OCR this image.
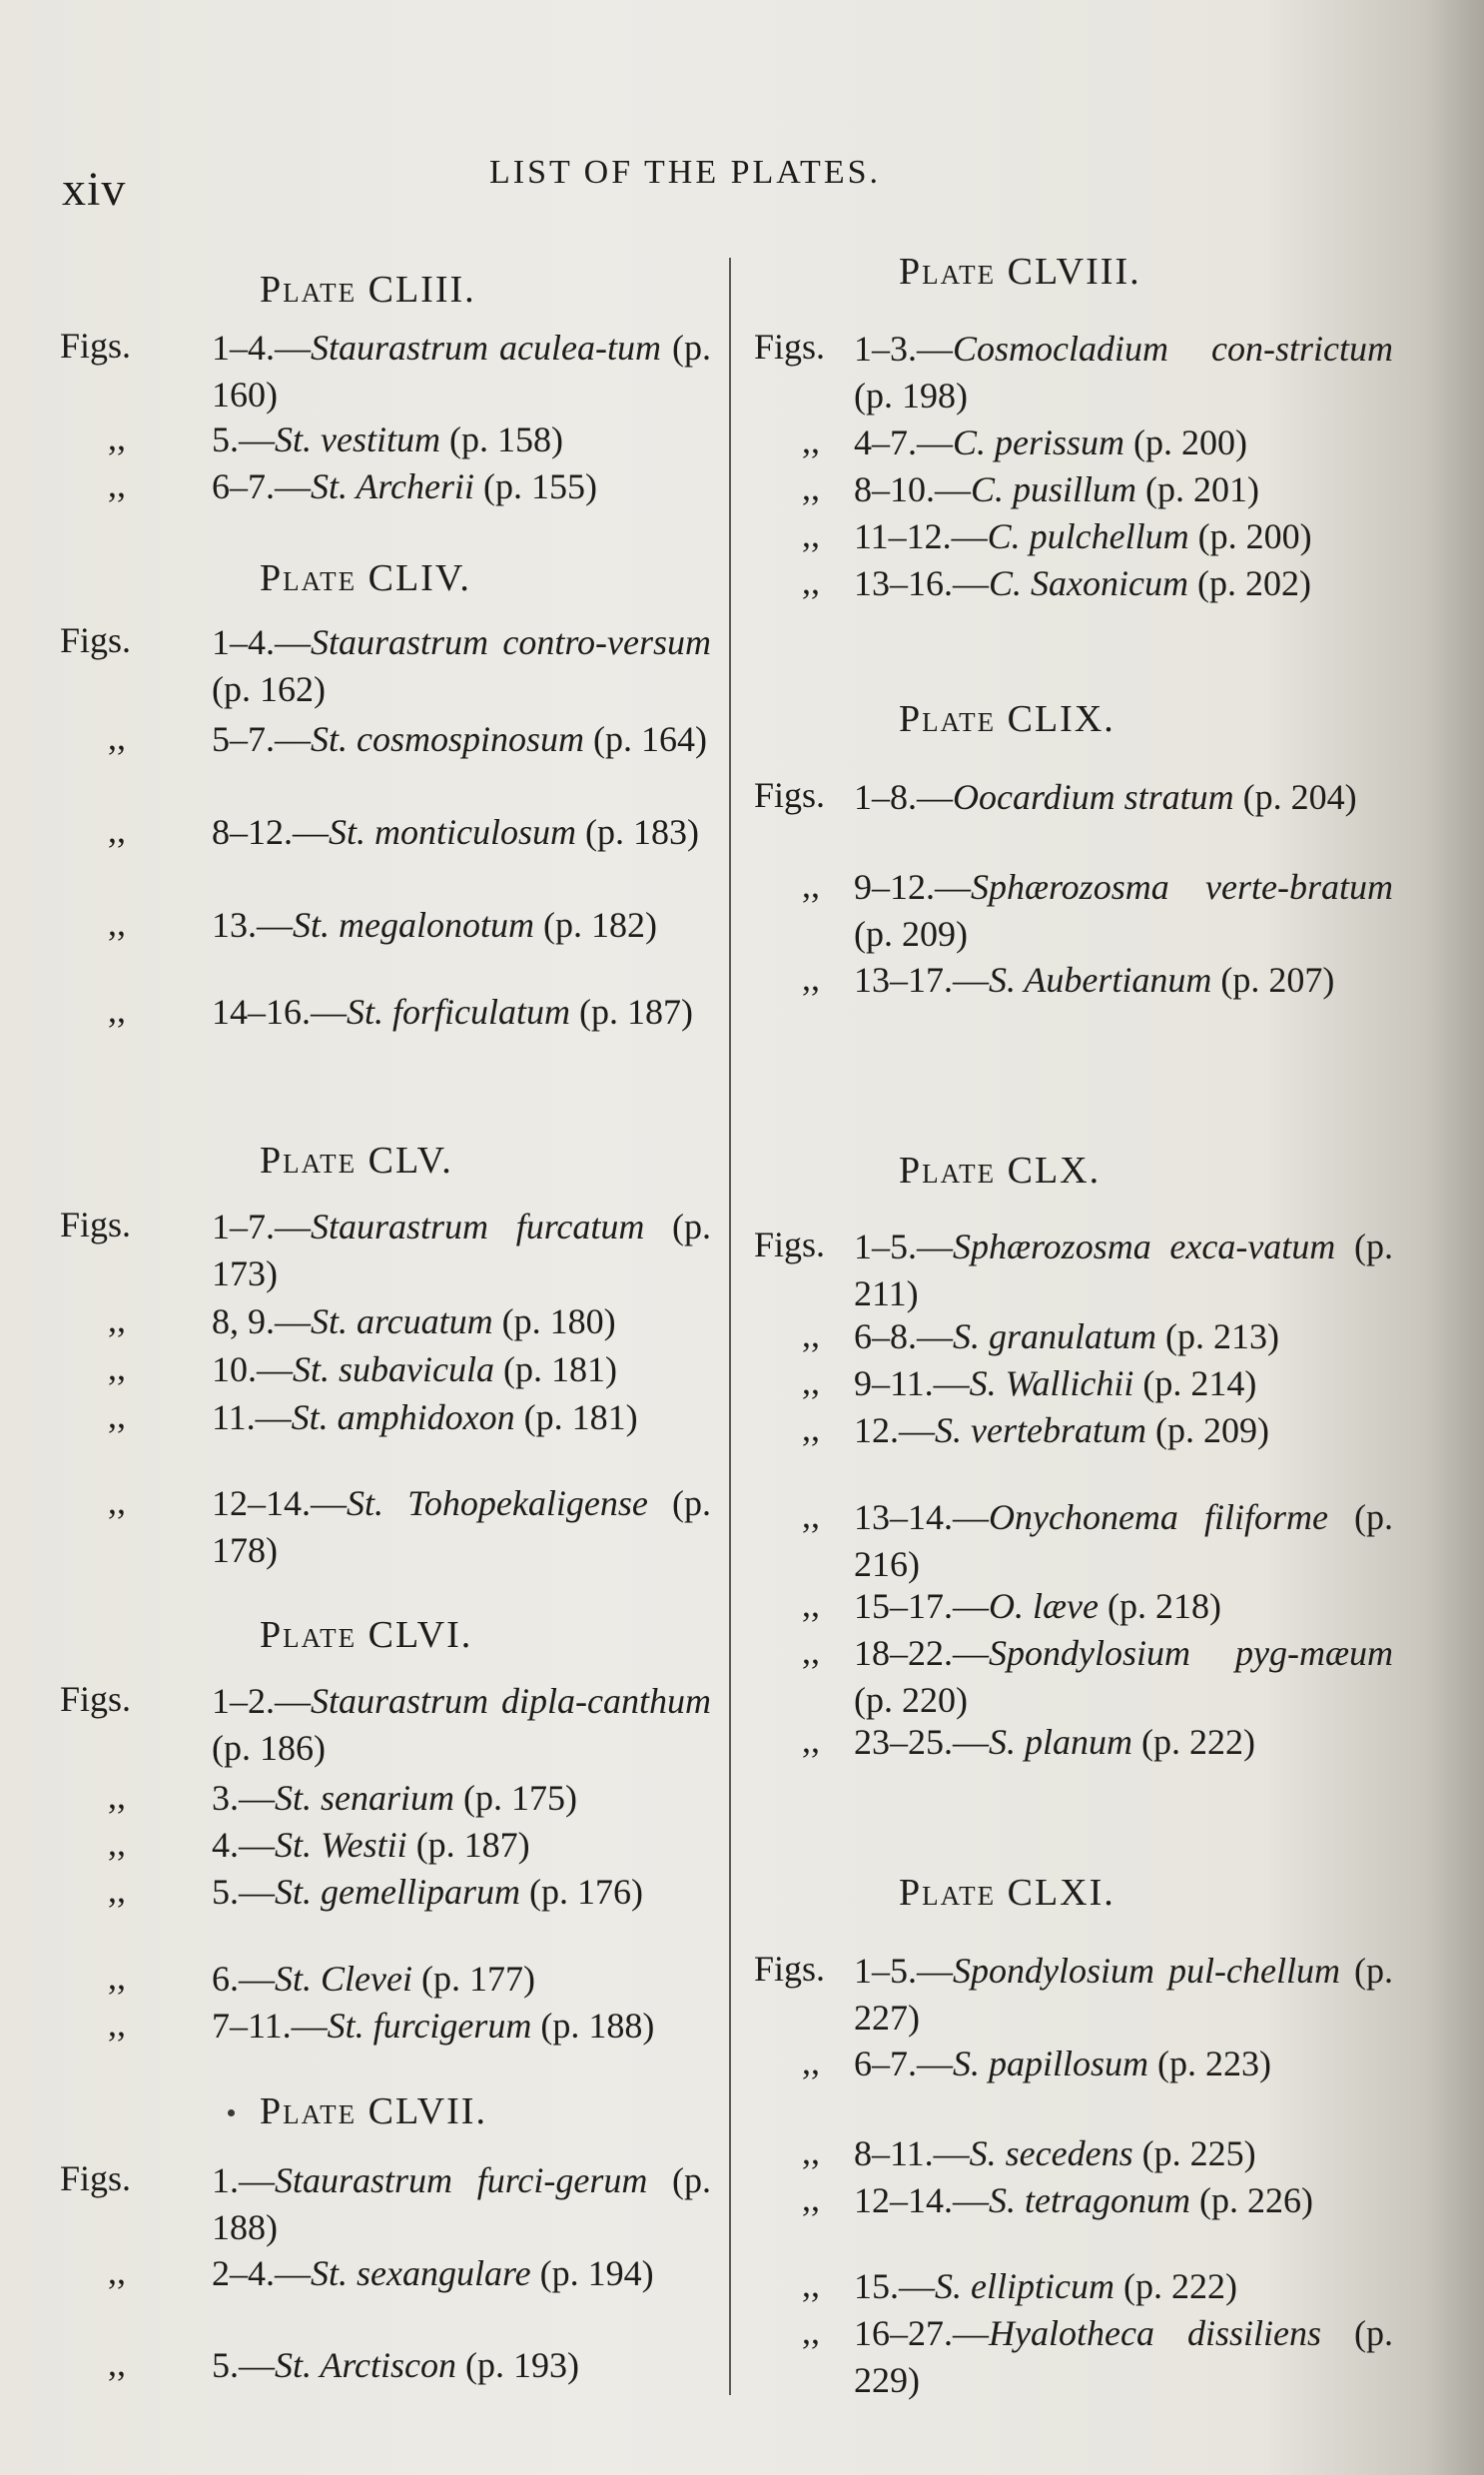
xiv	LIST OF THE PLATES.
Plate CLIII.
Figs. 1–4.—Staurastrum aculea-tum (p. 160)
,, 5.—St. vestitum (p. 158)
,, 6–7.—St. Archerii (p. 155)
Plate CLIV.
Figs. 1–4.—Staurastrum contro-versum (p. 162)
,, 5–7.—St. cosmospinosum (p. 164)
,, 8–12.—St. monticulosum (p. 183)
,, 13.—St. megalonotum (p. 182)
,, 14–16.—St. forficulatum (p. 187)
Plate CLV.
Figs. 1–7.—Staurastrum furcatum (p. 173)
,, 8, 9.—St. arcuatum (p. 180)
,, 10.—St. subavicula (p. 181)
,, 11.—St. amphidoxon (p. 181)
,, 12–14.—St. Tohopekaligense (p. 178)
Plate CLVI.
Figs. 1–2.—Staurastrum dipla-canthum (p. 186)
,, 3.—St. senarium (p. 175)
,, 4.—St. Westii (p. 187)
,, 5.—St. gemelliparum (p. 176)
,, 6.—St. Clevei (p. 177)
,, 7–11.—St. furcigerum (p. 188)
Plate CLVII.
Figs. 1.—Staurastrum furci-gerum (p. 188)
,, 2–4.—St. sexangulare (p. 194)
,, 5.—St. Arctiscon (p. 193)
Plate CLVIII.
Figs. 1–3.—Cosmocladium con-strictum (p. 198)
,, 4–7.—C. perissum (p. 200)
,, 8–10.—C. pusillum (p. 201)
,, 11–12.—C. pulchellum (p. 200)
,, 13–16.—C. Saxonicum (p. 202)
Plate CLIX.
Figs. 1–8.—Oocardium stratum (p. 204)
,, 9–12.—Sphærozosma verte-bratum (p. 209)
,, 13–17.—S. Aubertianum (p. 207)
Plate CLX.
Figs. 1–5.—Sphærozosma exca-vatum (p. 211)
,, 6–8.—S. granulatum (p. 213)
,, 9–11.—S. Wallichii (p. 214)
,, 12.—S. vertebratum (p. 209)
,, 13–14.—Onychonema filiforme (p. 216)
,, 15–17.—O. læve (p. 218)
,, 18–22.—Spondylosium pyg-mæum (p. 220)
,, 23–25.—S. planum (p. 222)
Plate CLXI.
Figs. 1–5.—Spondylosium pul-chellum (p. 227)
,, 6–7.—S. papillosum (p. 223)
,, 8–11.—S. secedens (p. 225)
,, 12–14.—S. tetragonum (p. 226)
,, 15.—S. ellipticum (p. 222)
,, 16–27.—Hyalotheca dissiliens (p. 229)
